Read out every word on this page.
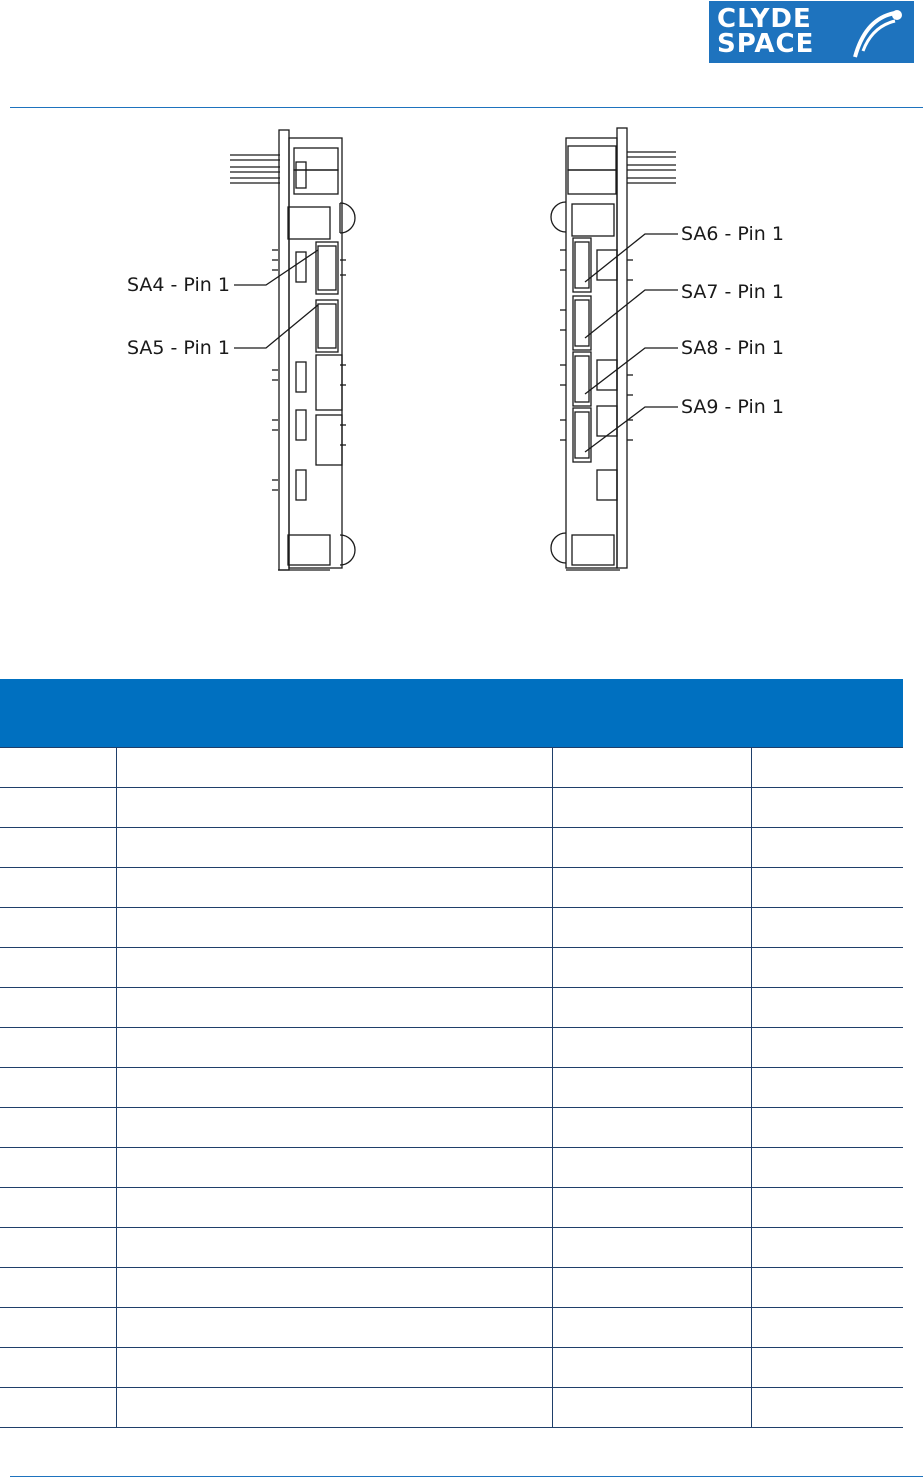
CLYDE
SPACE
SA4 - Pin 1
SA5 - Pin 1
SA6 - Pin 1
SA7 - Pin 1
SA8 - Pin 1
SA9 - Pin 1
